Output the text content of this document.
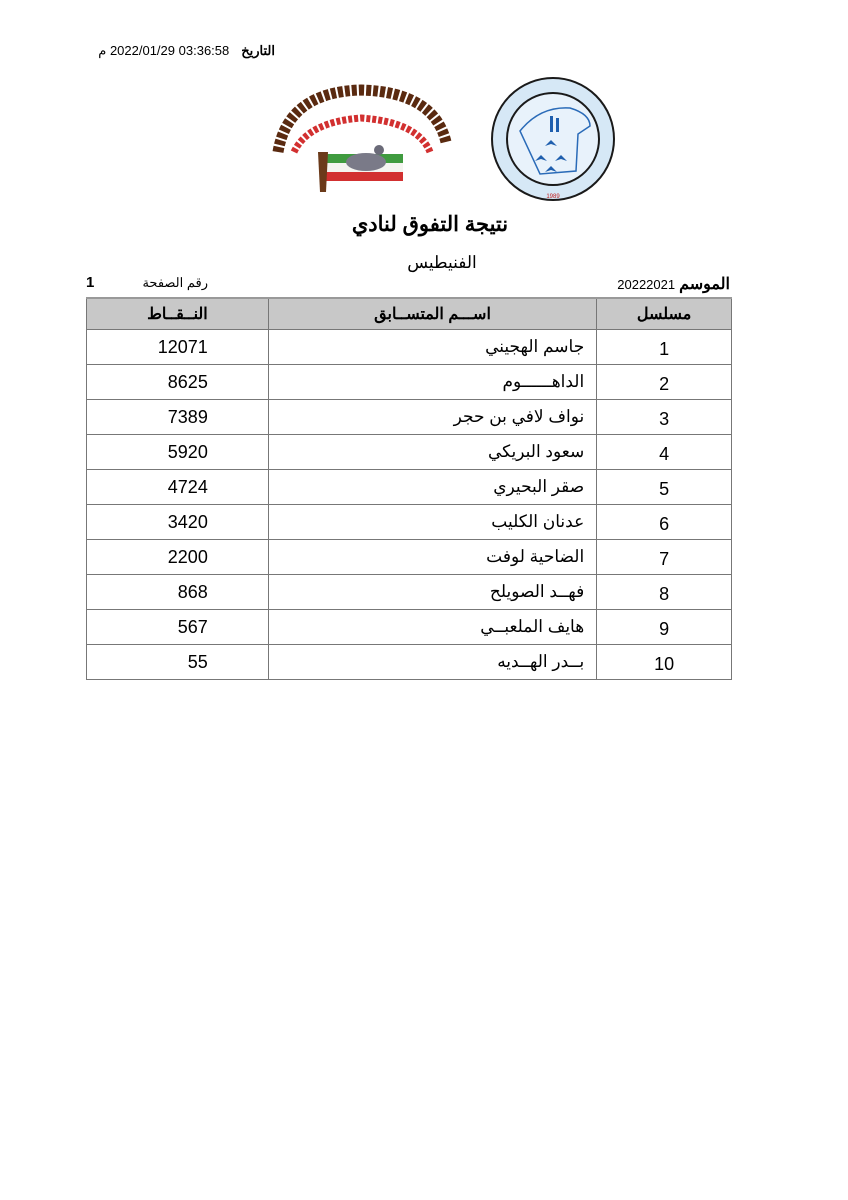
التاريخ
03:36:58 2022/01/29 م
1989
نتيجة التفوق لنادي
الفنيطيس
الموسم
20222021
1	رقم الصفحة
مسلسل	اســـم المتســابق	النــقــاط
1	جاسم الهجيني	12071

2	الداهــــــوم	8625

3	نواف لافي بن حجر	7389

4	سعود البريكي	5920

5	صقر البحيري	4724

6	عدنان الكليب	3420

7	الضاحية لوفت	2200

8	فهــد الصويلح	868

9	هايف الملعبــي	567

10	بــدر الهــديه	55
